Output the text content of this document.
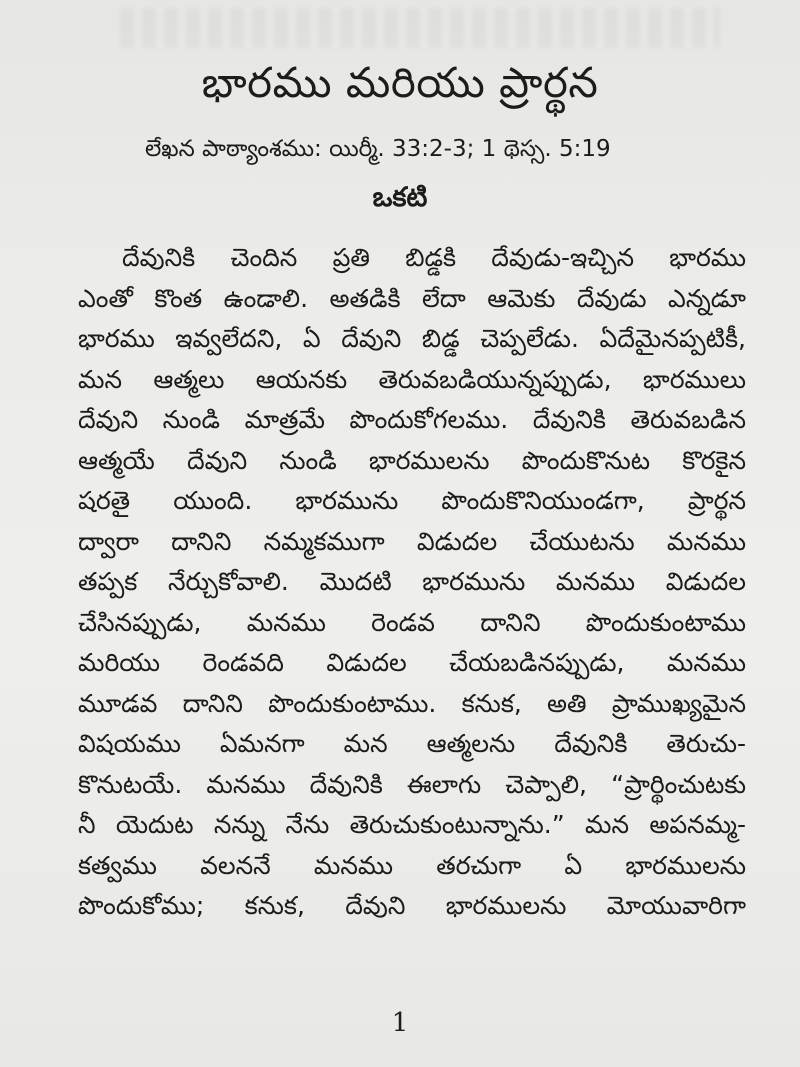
భారము మరియు ప్రార్థన

లేఖన పాఠ్యాంశము: యిర్మీ. 33:2-3; 1 థెస్స. 5:19

ఒకటి
దేవునికి చెందిన ప్రతి బిడ్డకి దేవుడు-ఇచ్చిన భారము
ఎంతో కొంత ఉండాలి. అతడికి లేదా ఆమెకు దేవుడు ఎన్నడూ
భారము ఇవ్వలేదని, ఏ దేవుని బిడ్డ చెప్పలేడు. ఏదేమైనప్పటికీ,
మన ఆత్మలు ఆయనకు తెరువబడియున్నప్పుడు, భారములు
దేవుని నుండి మాత్రమే పొందుకోగలము. దేవునికి తెరువబడిన
ఆత్మయే దేవుని నుండి భారములను పొందుకొనుట కొరకైన
షరతై యుంది. భారమును పొందుకొనియుండగా, ప్రార్థన
ద్వారా దానిని నమ్మకముగా విడుదల చేయుటను మనము
తప్పక నేర్చుకోవాలి. మొదటి భారమును మనము విడుదల
చేసినప్పుడు, మనము రెండవ దానిని పొందుకుంటాము
మరియు రెండవది విడుదల చేయబడినప్పుడు, మనము
మూడవ దానిని పొందుకుంటాము. కనుక, అతి ప్రాముఖ్యమైన
విషయము ఏమనగా మన ఆత్మలను దేవునికి తెరుచు-
కొనుటయే. మనము దేవునికి ఈలాగు చెప్పాలి, “ప్రార్థించుటకు
నీ యెదుట నన్ను నేను తెరుచుకుంటున్నాను.” మన అపనమ్మ-
కత్వము వలననే మనము తరచుగా ఏ భారములను
పొందుకోము; కనుక, దేవుని భారములను మోయువారిగా

1
